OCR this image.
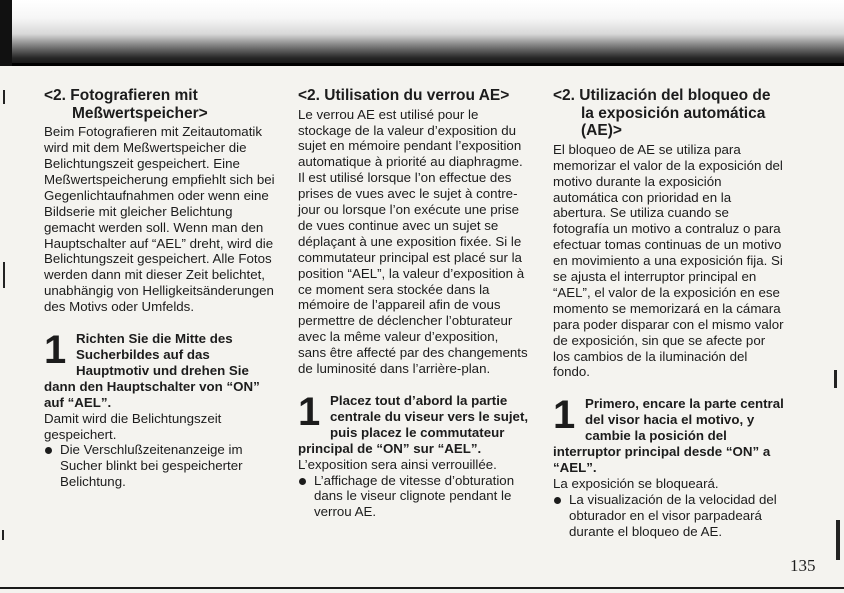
<2. Fotografieren mit
Meßwertspeicher>

Beim Fotografieren mit Zeitautomatik wird mit dem Meßwertspeicher die Belichtungszeit gespeichert. Eine Meßwertspeicherung empfiehlt sich bei Gegenlichtaufnahmen oder wenn eine Bildserie mit gleicher Belichtung gemacht werden soll. Wenn man den Hauptschalter auf “AEL” dreht, wird die Belichtungszeit gespeichert. Alle Fotos werden dann mit dieser Zeit belichtet, unabhängig von Helligkeitsänderungen des Motivs oder Umfelds.

1 Richten Sie die Mitte des Sucherbildes auf das Hauptmotiv und drehen Sie dann den Hauptschalter von “ON” auf “AEL”.

Damit wird die Belichtungszeit gespeichert.

Die Verschlußzeitenanzeige im Sucher blinkt bei gespeicherter Belichtung.

<2. Utilisation du verrou AE>

Le verrou AE est utilisé pour le stockage de la valeur d’exposition du sujet en mémoire pendant l’exposition automatique à priorité au diaphragme. Il est utilisé lorsque l’on effectue des prises de vues avec le sujet à contre-jour ou lorsque l’on exécute une prise de vues continue avec un sujet se déplaçant à une exposition fixée. Si le commutateur principal est placé sur la position “AEL”, la valeur d’exposition à ce moment sera stockée dans la mémoire de l’appareil afin de vous permettre de déclencher l’obturateur avec la même valeur d’exposition, sans être affecté par des changements de luminosité dans l’arrière-plan.

1 Placez tout d’abord la partie centrale du viseur vers le sujet, puis placez le commutateur principal de “ON” sur “AEL”.

L’exposition sera ainsi verrouillée.

L’affichage de vitesse d’obturation dans le viseur clignote pendant le verrou AE.

<2. Utilización del bloqueo de
la exposición automática
(AE)>

El bloqueo de AE se utiliza para memorizar el valor de la exposición del motivo durante la exposición automática con prioridad en la abertura. Se utiliza cuando se fotografía un motivo a contraluz o para efectuar tomas continuas de un motivo en movimiento a una exposición fija. Si se ajusta el interruptor principal en “AEL”, el valor de la exposición en ese momento se memorizará en la cámara para poder disparar con el mismo valor de exposición, sin que se afecte por los cambios de la iluminación del fondo.

1 Primero, encare la parte central del visor hacia el motivo, y cambie la posición del interruptor principal desde “ON” a “AEL”.

La exposición se bloqueará.

La visualización de la velocidad del obturador en el visor parpadeará durante el bloqueo de AE.

135
